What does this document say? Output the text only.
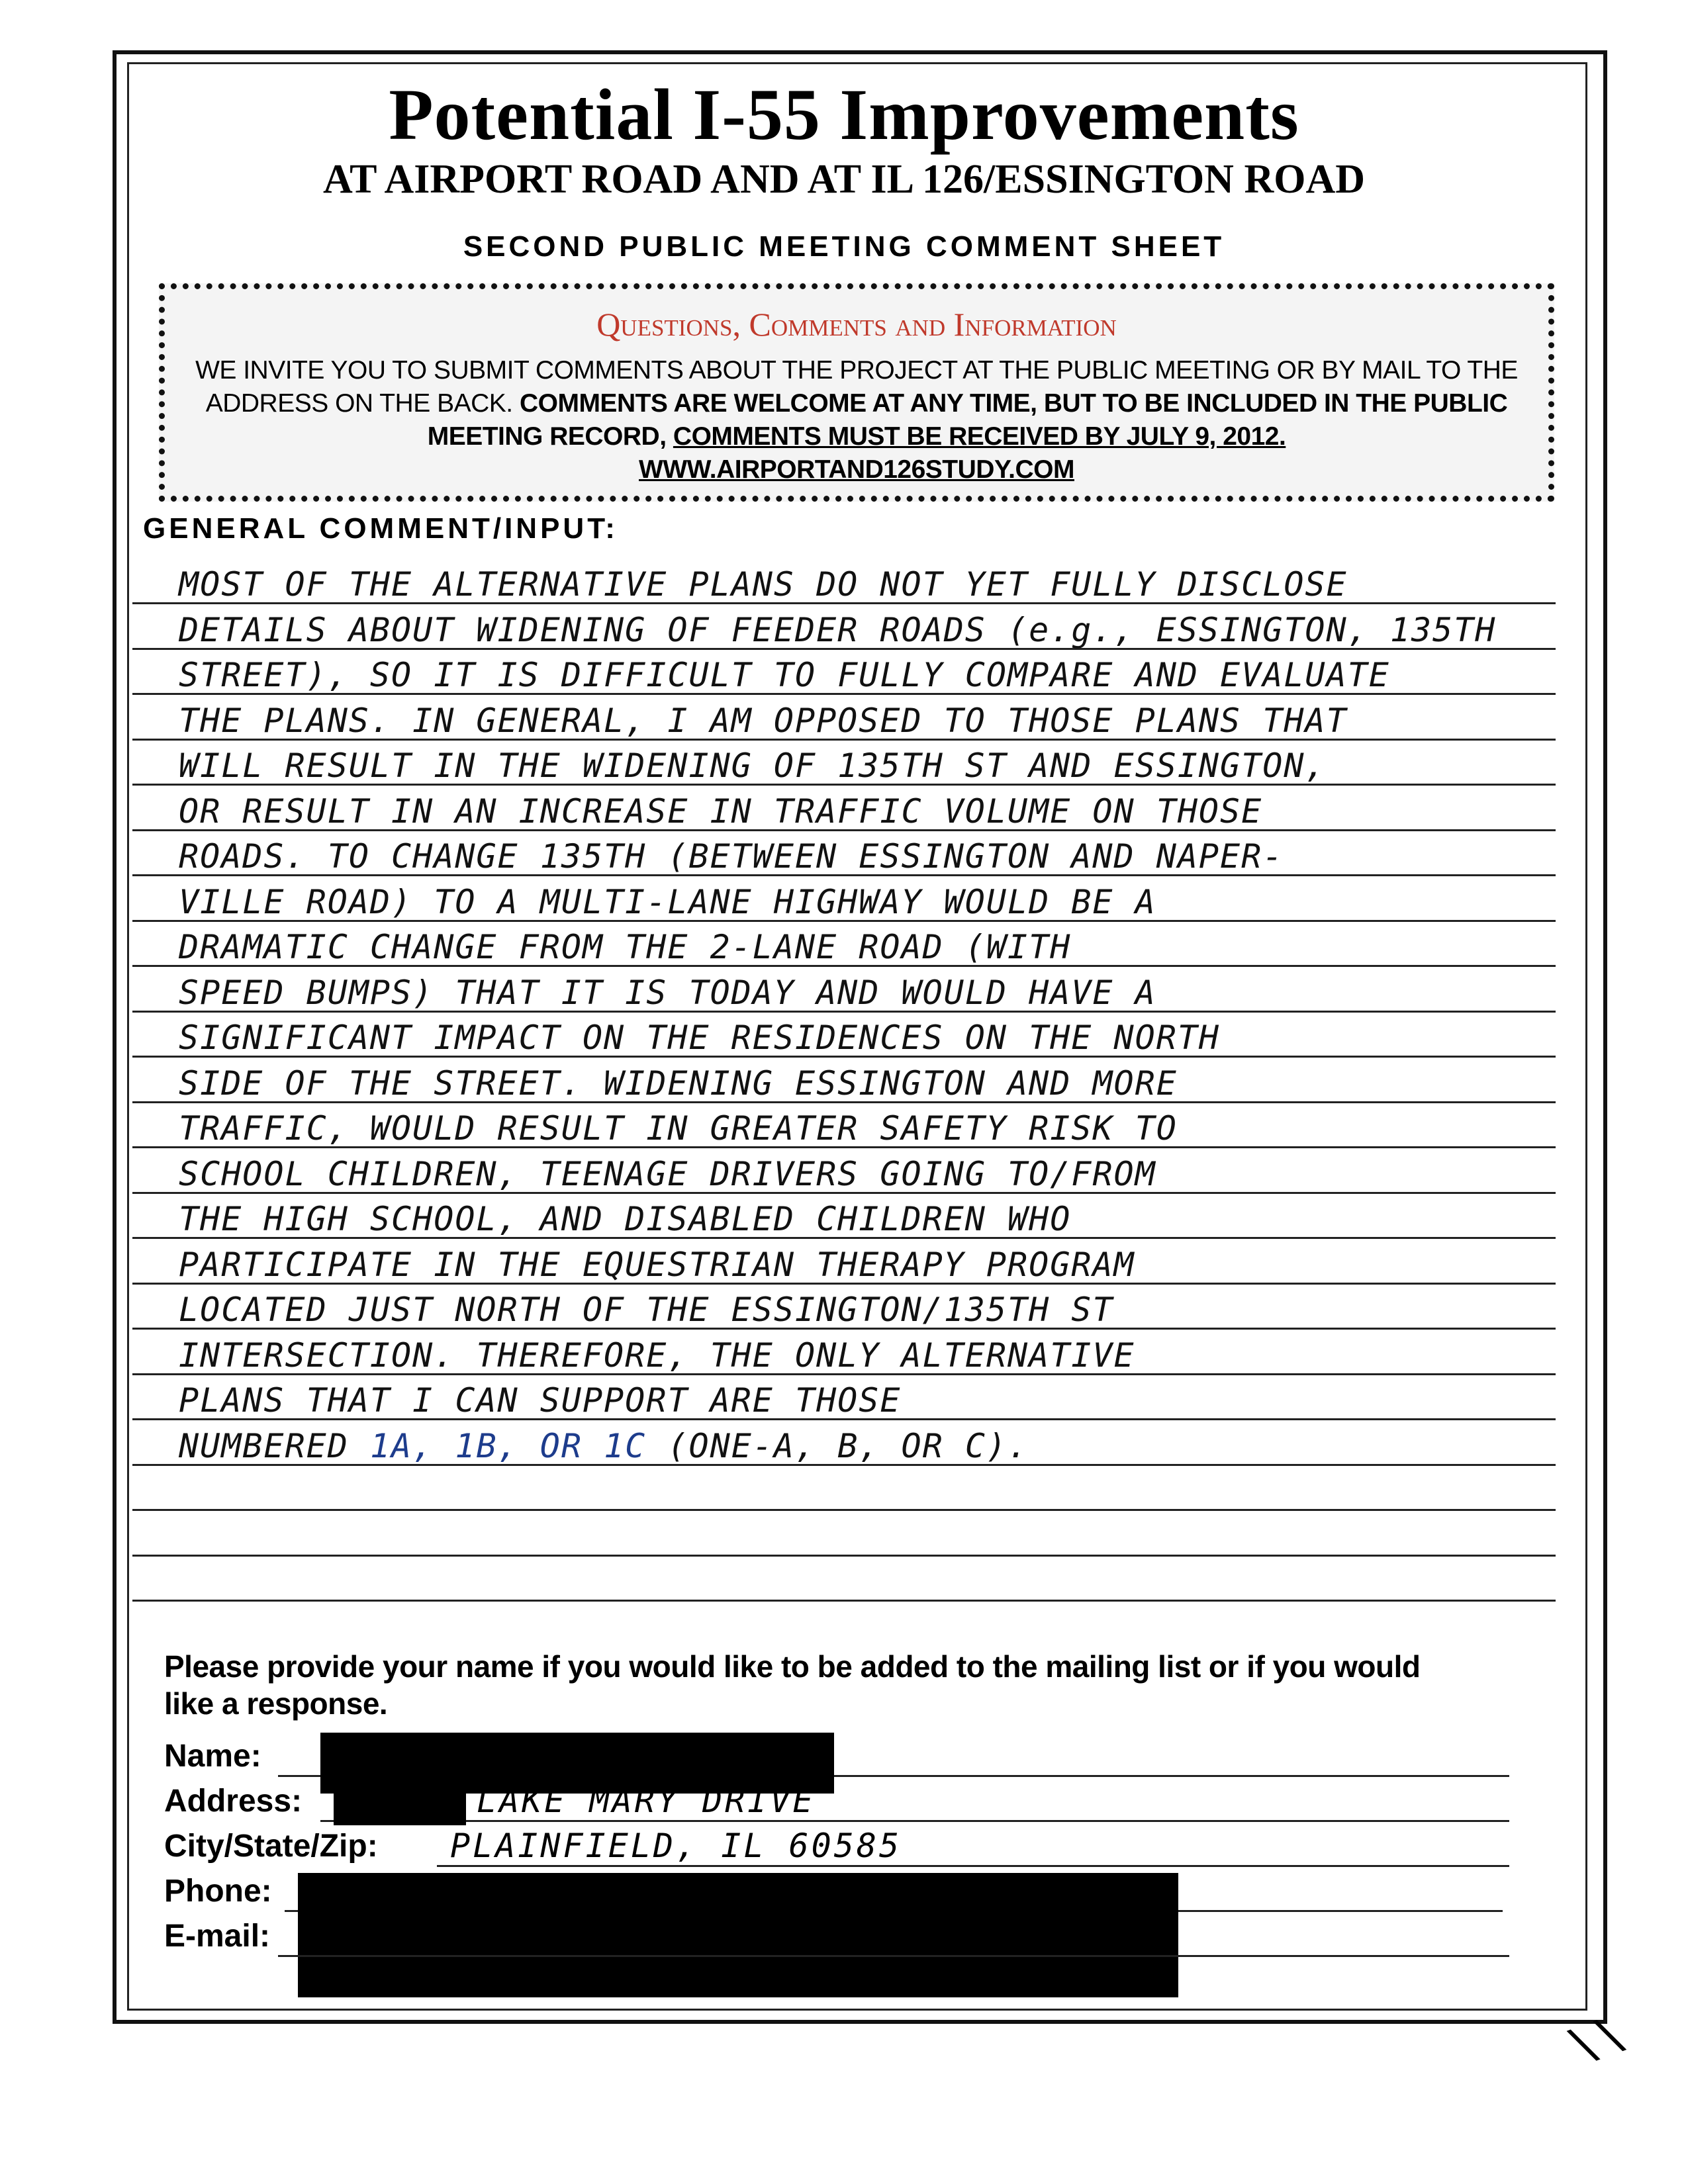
Potential I-55 Improvements
AT AIRPORT ROAD AND AT IL 126/ESSINGTON ROAD
SECOND PUBLIC MEETING COMMENT SHEET
Questions, Comments and Information
WE INVITE YOU TO SUBMIT COMMENTS ABOUT THE PROJECT AT THE PUBLIC MEETING OR BY MAIL TO THE ADDRESS ON THE BACK. COMMENTS ARE WELCOME AT ANY TIME, BUT TO BE INCLUDED IN THE PUBLIC MEETING RECORD, COMMENTS MUST BE RECEIVED BY JULY 9, 2012.
WWW.AIRPORTAND126STUDY.COM
GENERAL COMMENT/INPUT:
MOST OF THE ALTERNATIVE PLANS DO NOT YET FULLY DISCLOSE
DETAILS ABOUT WIDENING OF FEEDER ROADS (e.g., ESSINGTON, 135TH
STREET), SO IT IS DIFFICULT TO FULLY COMPARE AND EVALUATE
THE PLANS. IN GENERAL, I AM OPPOSED TO THOSE PLANS THAT
WILL RESULT IN THE WIDENING OF 135TH ST AND ESSINGTON,
OR RESULT IN AN INCREASE IN TRAFFIC VOLUME ON THOSE
ROADS. TO CHANGE 135TH (BETWEEN ESSINGTON AND NAPER-
VILLE ROAD) TO A MULTI-LANE HIGHWAY WOULD BE A
DRAMATIC CHANGE FROM THE 2-LANE ROAD (WITH
SPEED BUMPS) THAT IT IS TODAY AND WOULD HAVE A
SIGNIFICANT IMPACT ON THE RESIDENCES ON THE NORTH
SIDE OF THE STREET. WIDENING ESSINGTON AND MORE
TRAFFIC, WOULD RESULT IN GREATER SAFETY RISK TO
SCHOOL CHILDREN, TEENAGE DRIVERS GOING TO/FROM
THE HIGH SCHOOL, AND DISABLED CHILDREN WHO
PARTICIPATE IN THE EQUESTRIAN THERAPY PROGRAM
LOCATED JUST NORTH OF THE ESSINGTON/135TH ST
INTERSECTION. THEREFORE, THE ONLY ALTERNATIVE
PLANS THAT I CAN SUPPORT ARE THOSE
NUMBERED 1A, 1B, OR 1C (ONE-A, B, OR C).
Please provide your name if you would like to be added to the mailing list or if you would like a response.
Name:
Address:	LAKE MARY DRIVE
City/State/Zip: PLAINFIELD, IL 60585
Phone:
E-mail:
\\
